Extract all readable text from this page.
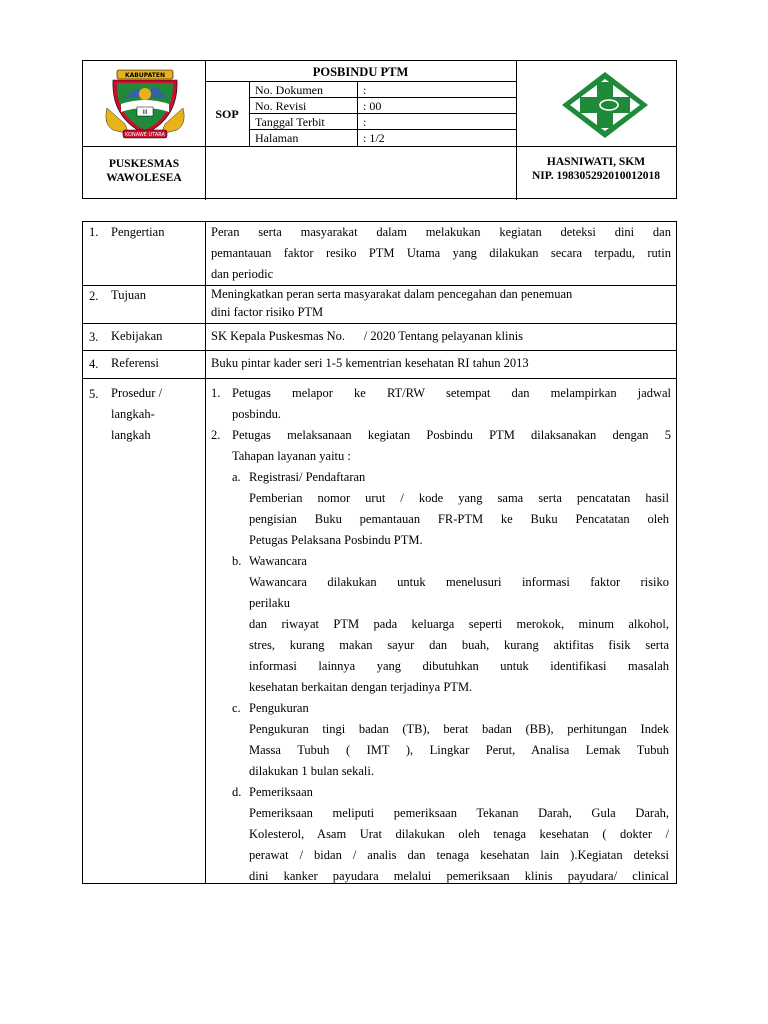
KABUPATEN
III
KONAWE UTARA
POSBINDU PTM
SOP
No. Dokumen	:
No. Revisi	: 00
Tanggal Terbit	:
Halaman	: 1/2
PUSKESMAS
WAWOLESEA
HASNIWATI, SKM
NIP. 198305292010012018
1. Pengertian	Peran serta masyarakat dalam melakukan kegiatan deteksi dini dan
pemantauan faktor resiko PTM Utama yang dilakukan secara terpadu, rutin
dan periodic
2. Tujuan	Meningkatkan peran serta masyarakat dalam pencegahan dan penemuan
dini factor risiko PTM
3. Kebijakan	SK Kepala Puskesmas No.      / 2020 Tentang pelayanan klinis
4. Referensi	Buku pintar kader seri 1-5 kementrian kesehatan RI tahun 2013
5. Prosedur /
langkah-
langkah
1. Petugas melapor ke RT/RW setempat dan melampirkan jadwal
posbindu.
2. Petugas melaksanaan kegiatan Posbindu PTM dilaksanakan dengan 5
Tahapan layanan yaitu :
a. Registrasi/ Pendaftaran
Pemberian nomor urut / kode yang sama serta pencatatan hasil
pengisian Buku pemantauan FR-PTM ke Buku Pencatatan oleh
Petugas Pelaksana Posbindu PTM.
b. Wawancara
Wawancara dilakukan untuk menelusuri informasi faktor risiko
perilaku
dan riwayat PTM pada keluarga seperti merokok, minum alkohol,
stres, kurang makan sayur dan buah, kurang aktifitas fisik serta
informasi lainnya yang dibutuhkan untuk identifikasi masalah
kesehatan berkaitan dengan terjadinya PTM.
c. Pengukuran
Pengukuran tingi badan (TB), berat badan (BB), perhitungan Indek
Massa Tubuh ( IMT ), Lingkar Perut, Analisa Lemak Tubuh
dilakukan 1 bulan sekali.
d. Pemeriksaan
Pemeriksaan meliputi pemeriksaan Tekanan Darah, Gula Darah,
Kolesterol, Asam Urat dilakukan oleh tenaga kesehatan ( dokter /
perawat / bidan / analis dan tenaga kesehatan lain ).Kegiatan deteksi
dini kanker payudara melalui pemeriksaan klinis payudara/ clinical
